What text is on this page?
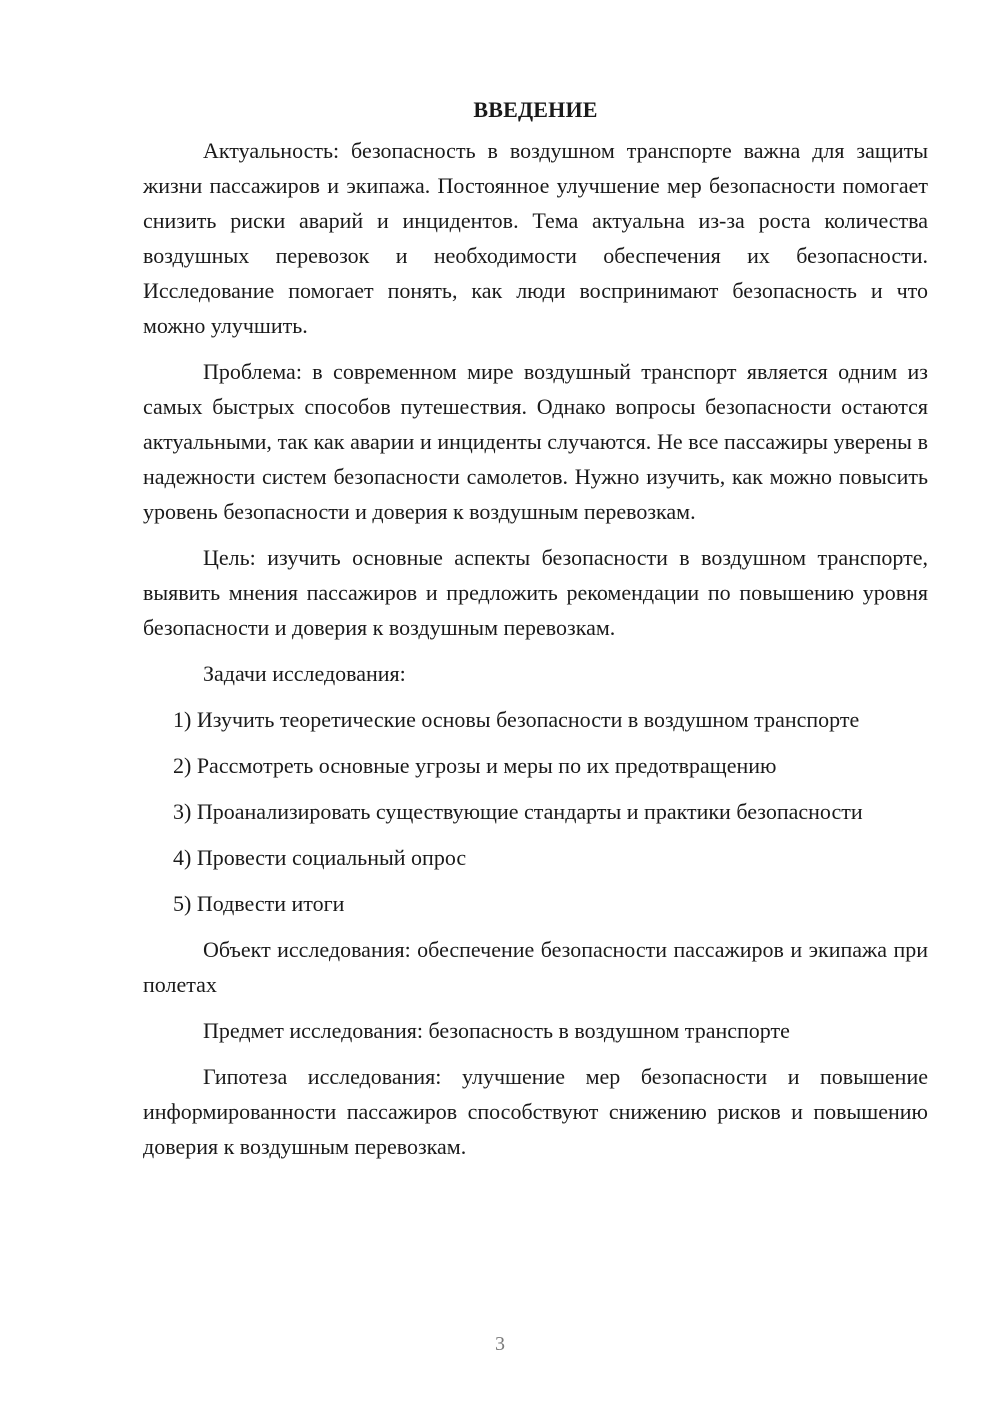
ВВЕДЕНИЕ

Актуальность: безопасность в воздушном транспорте важна для защиты жизни пассажиров и экипажа. Постоянное улучшение мер безопасности помогает снизить риски аварий и инцидентов. Тема актуальна из-за роста количества воздушных перевозок и необходимости обеспечения их безопасности. Исследование помогает понять, как люди воспринимают безопасность и что можно улучшить.

Проблема: в современном мире воздушный транспорт является одним из самых быстрых способов путешествия. Однако вопросы безопасности остаются актуальными, так как аварии и инциденты случаются. Не все пассажиры уверены в надежности систем безопасности самолетов. Нужно изучить, как можно повысить уровень безопасности и доверия к воздушным перевозкам.

Цель: изучить основные аспекты безопасности в воздушном транспорте, выявить мнения пассажиров и предложить рекомендации по повышению уровня безопасности и доверия к воздушным перевозкам.

Задачи исследования:

1) Изучить теоретические основы безопасности в воздушном транспорте

2) Рассмотреть основные угрозы и меры по их предотвращению

3) Проанализировать существующие стандарты и практики безопасности

4) Провести социальный опрос

5) Подвести итоги

Объект исследования: обеспечение безопасности пассажиров и экипажа при полетах

Предмет исследования: безопасность в воздушном транспорте

Гипотеза исследования: улучшение мер безопасности и повышение информированности пассажиров способствуют снижению рисков и повышению доверия к воздушным перевозкам.

3
